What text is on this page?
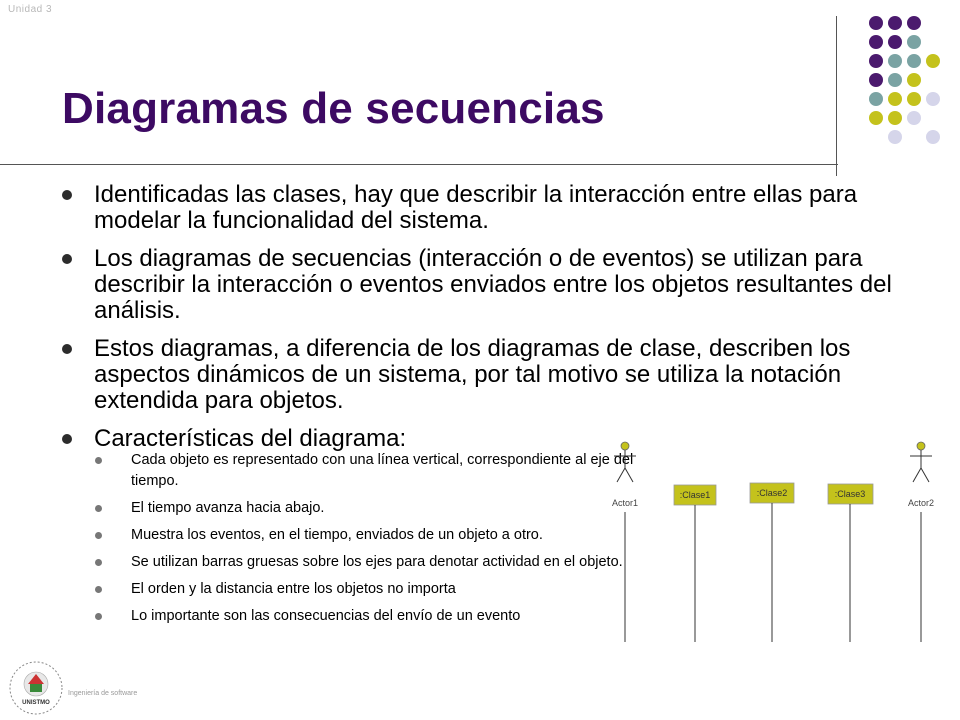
Unidad 3
Diagramas de secuencias
Identificadas las clases, hay que describir la interacción entre ellas para modelar la funcionalidad del sistema.
Los diagramas de secuencias (interacción o de eventos) se utilizan para describir la interacción o eventos enviados entre los objetos resultantes del análisis.
Estos diagramas, a diferencia de los diagramas de clase, describen los aspectos dinámicos de un sistema, por tal motivo se utiliza la notación extendida para objetos.
Características del diagrama:
Cada objeto es representado con una línea vertical, correspondiente al eje del tiempo.
El tiempo avanza hacia abajo.
Muestra los eventos, en el tiempo, enviados de un objeto a otro.
Se utilizan barras gruesas sobre los ejes para denotar actividad en el objeto.
El orden y la distancia entre los objetos no importa
Lo importante son las consecuencias del envío de un evento
Actor1
:Clase1	:Clase2	:Clase3
Actor2
UNISTMO
Ingeniería de software
